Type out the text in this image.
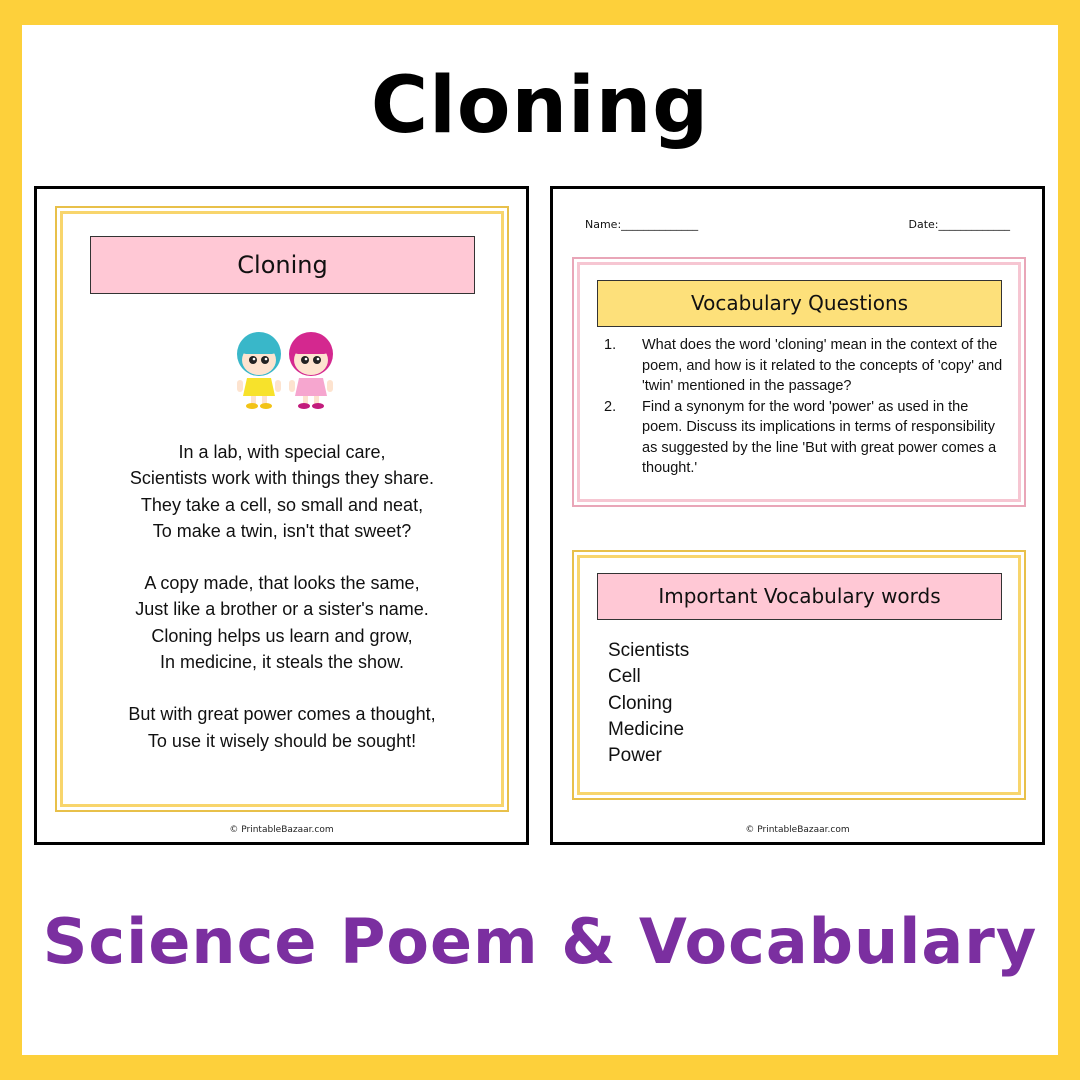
Cloning
Cloning
In a lab, with special care,
Scientists work with things they share.
They take a cell, so small and neat,
To make a twin, isn't that sweet?
A copy made, that looks the same,
Just like a brother or a sister's name.
Cloning helps us learn and grow,
In medicine, it steals the show.
But with great power comes a thought,
To use it wisely should be sought!
© PrintableBazaar.com
Name:______________	Date:_____________
Vocabulary Questions
1. What does the word 'cloning' mean in the context of the poem, and how is it related to the concepts of 'copy' and 'twin' mentioned in the passage?
2. Find a synonym for the word 'power' as used in the poem. Discuss its implications in terms of responsibility as suggested by the line 'But with great power comes a thought.'
Important Vocabulary words
Scientists
Cell
Cloning
Medicine
Power
© PrintableBazaar.com
Science Poem & Vocabulary
